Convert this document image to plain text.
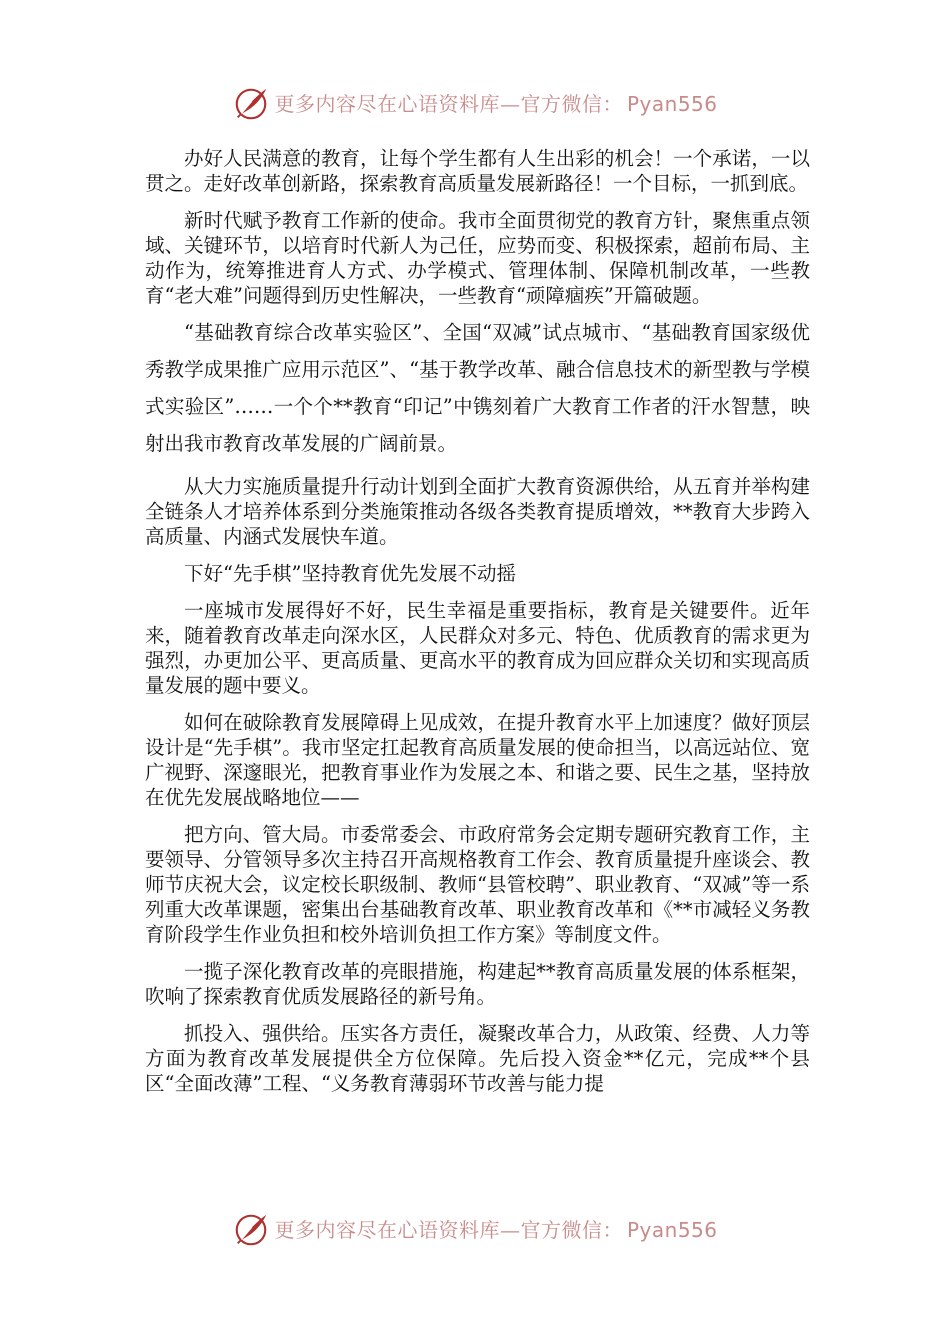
更多内容尽在心语资料库—官方微信： Pyan556

办好人民满意的教育，让每个学生都有人生出彩的机会！一个承诺，一以贯之。走好改革创新路，探索教育高质量发展新路径！一个目标，一抓到底。

新时代赋予教育工作新的使命。我市全面贯彻党的教育方针，聚焦重点领域、关键环节，以培育时代新人为己任，应势而变、积极探索，超前布局、主动作为，统筹推进育人方式、办学模式、管理体制、保障机制改革，一些教育“老大难”问题得到历史性解决，一些教育“顽障痼疾”开篇破题。

“基础教育综合改革实验区”、全国“双减”试点城市、“基础教育国家级优秀教学成果推广应用示范区”、“基于教学改革、融合信息技术的新型教与学模式实验区”……一个个**教育“印记”中镌刻着广大教育工作者的汗水智慧，映射出我市教育改革发展的广阔前景。

从大力实施质量提升行动计划到全面扩大教育资源供给，从五育并举构建全链条人才培养体系到分类施策推动各级各类教育提质增效，**教育大步跨入高质量、内涵式发展快车道。

下好“先手棋”坚持教育优先发展不动摇

一座城市发展得好不好，民生幸福是重要指标，教育是关键要件。近年来，随着教育改革走向深水区，人民群众对多元、特色、优质教育的需求更为强烈，办更加公平、更高质量、更高水平的教育成为回应群众关切和实现高质量发展的题中要义。

如何在破除教育发展障碍上见成效，在提升教育水平上加速度？做好顶层设计是“先手棋”。我市坚定扛起教育高质量发展的使命担当，以高远站位、宽广视野、深邃眼光，把教育事业作为发展之本、和谐之要、民生之基，坚持放在优先发展战略地位——

把方向、管大局。市委常委会、市政府常务会定期专题研究教育工作，主要领导、分管领导多次主持召开高规格教育工作会、教育质量提升座谈会、教师节庆祝大会，议定校长职级制、教师“县管校聘”、职业教育、“双减”等一系列重大改革课题，密集出台基础教育改革、职业教育改革和《**市减轻义务教育阶段学生作业负担和校外培训负担工作方案》等制度文件。

一揽子深化教育改革的亮眼措施，构建起**教育高质量发展的体系框架，吹响了探索教育优质发展路径的新号角。

抓投入、强供给。压实各方责任，凝聚改革合力，从政策、经费、人力等方面为教育改革发展提供全方位保障。先后投入资金**亿元，完成**个县区“全面改薄”工程、“义务教育薄弱环节改善与能力提

更多内容尽在心语资料库—官方微信： Pyan556
